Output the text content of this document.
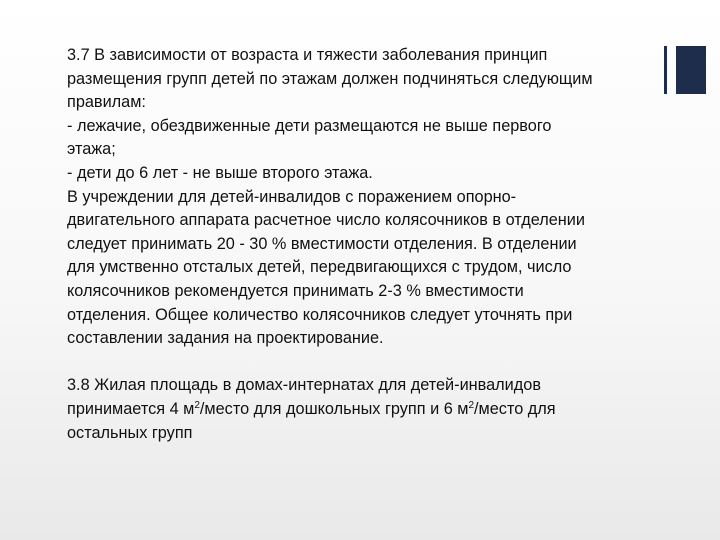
3.7 В зависимости от возраста и тяжести заболевания принцип

размещения групп детей по этажам должен подчиняться следующим

правилам:

- лежачие, обездвиженные дети размещаются не выше первого

этажа;

- дети до 6 лет - не выше второго этажа.

В учреждении для детей-инвалидов с поражением опорно-

двигательного аппарата расчетное число колясочников в отделении

следует принимать 20 - 30 % вместимости отделения. В отделении

для умственно отсталых детей, передвигающихся с трудом, число

колясочников рекомендуется принимать 2-3 % вместимости

отделения. Общее количество колясочников следует уточнять при

составлении задания на проектирование.

3.8 Жилая площадь в домах-интернатах для детей-инвалидов

принимается 4 $м^2$/место для дошкольных групп и 6 $м^2$/место для

остальных групп
